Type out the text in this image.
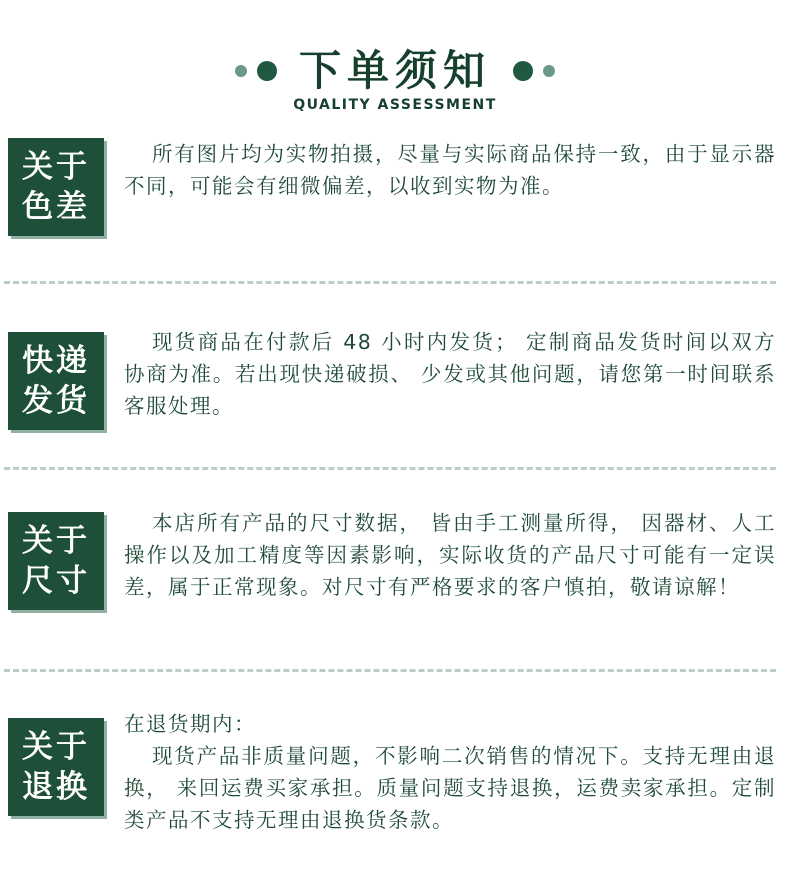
下单须知
QUALITY ASSESSMENT
关于
色差

所有图片均为实物拍摄，尽量与实际商品保持一致，由于显示器不同，可能会有细微偏差，以收到实物为准。

快递
发货

现货商品在付款后 48 小时内发货； 定制商品发货时间以双方协商为准。若出现快递破损、 少发或其他问题，请您第一时间联系客服处理。

关于
尺寸

本店所有产品的尺寸数据， 皆由手工测量所得， 因器材、人工操作以及加工精度等因素影响，实际收货的产品尺寸可能有一定误差，属于正常现象。对尺寸有严格要求的客户慎拍，敬请谅解！

关于
退换

在退货期内：

现货产品非质量问题，不影响二次销售的情况下。支持无理由退换， 来回运费买家承担。质量问题支持退换，运费卖家承担。定制类产品不支持无理由退换货条款。
